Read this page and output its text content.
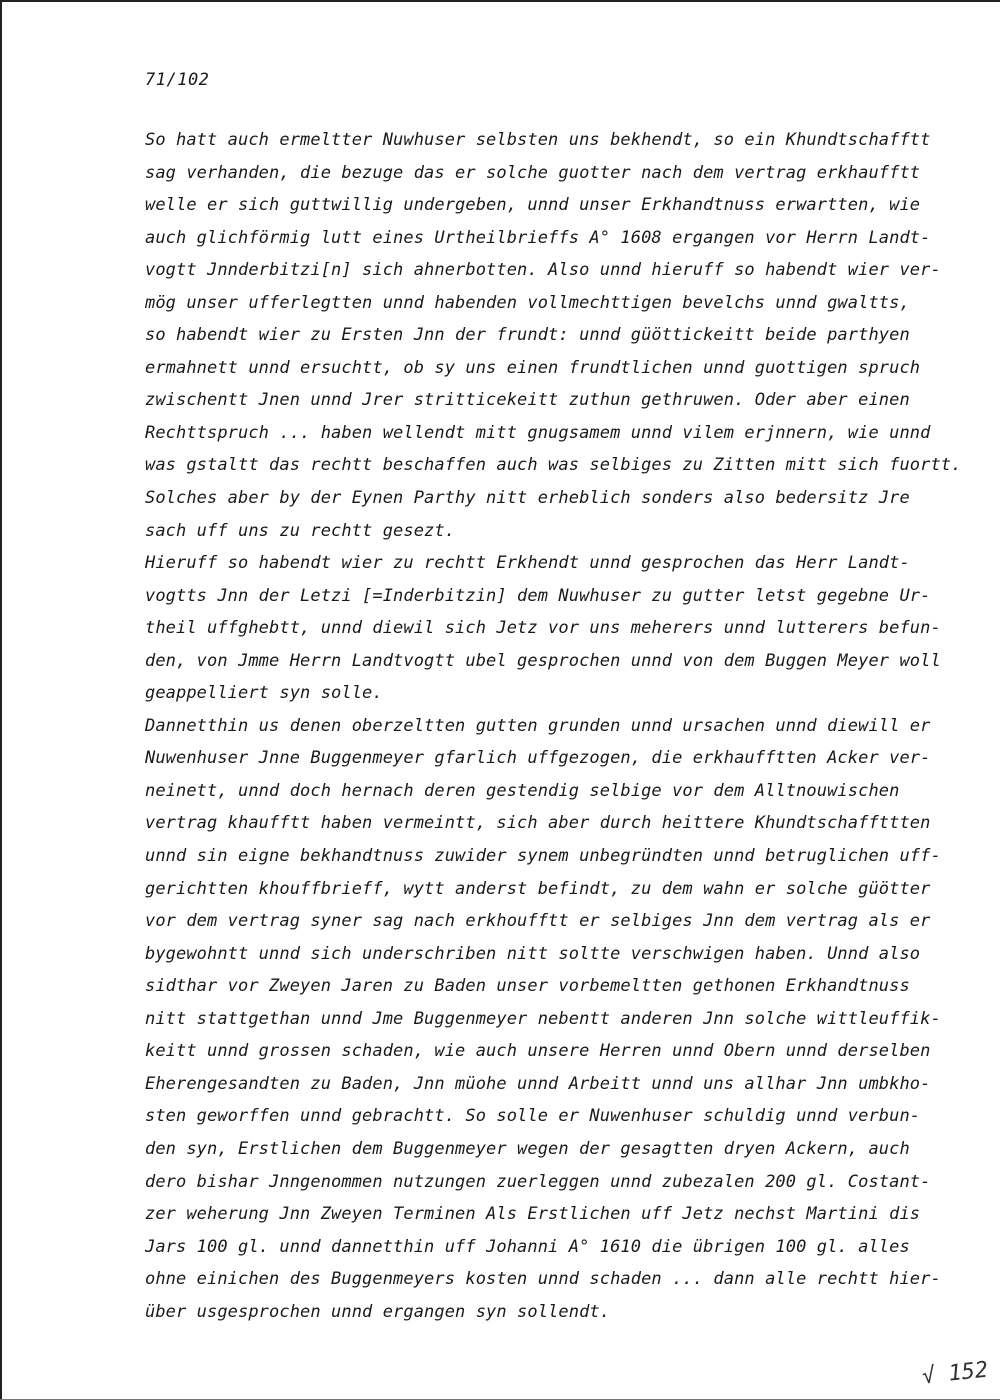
71/102
So hatt auch ermeltter Nuwhuser selbsten uns bekhendt, so ein Khundtschafftt
sag verhanden, die bezuge das er solche guotter nach dem vertrag erkhaufftt
welle er sich guttwillig undergeben, unnd unser Erkhandtnuss erwartten, wie
auch glichförmig lutt eines Urtheilbrieffs A° 1608 ergangen vor Herrn Landt-
vogtt Jnnderbitzi[n] sich ahnerbotten. Also unnd hieruff so habendt wier ver-
mög unser ufferlegtten unnd habenden vollmechttigen bevelchs unnd gwaltts,
so habendt wier zu Ersten Jnn der frundt: unnd güöttickeitt beide parthyen
ermahnett unnd ersuchtt, ob sy uns einen frundtlichen unnd guottigen spruch
zwischentt Jnen unnd Jrer stritticekeitt zuthun gethruwen. Oder aber einen
Rechttspruch ... haben wellendt mitt gnugsamem unnd vilem erjnnern, wie unnd
was gstaltt das rechtt beschaffen auch was selbiges zu Zitten mitt sich fuortt.
Solches aber by der Eynen Parthy nitt erheblich sonders also bedersitz Jre
sach uff uns zu rechtt gesezt.
Hieruff so habendt wier zu rechtt Erkhendt unnd gesprochen das Herr Landt-
vogtts Jnn der Letzi [=Inderbitzin] dem Nuwhuser zu gutter letst gegebne Ur-
theil uffghebtt, unnd diewil sich Jetz vor uns meherers unnd lutterers befun-
den, von Jmme Herrn Landtvogtt ubel gesprochen unnd von dem Buggen Meyer woll
geappelliert syn solle.
Dannetthin us denen oberzeltten gutten grunden unnd ursachen unnd diewill er
Nuwenhuser Jnne Buggenmeyer gfarlich uffgezogen, die erkhaufftten Acker ver-
neinett, unnd doch hernach deren gestendig selbige vor dem Alltnouwischen
vertrag khaufftt haben vermeintt, sich aber durch heittere Khundtschaffttten
unnd sin eigne bekhandtnuss zuwider synem unbegründten unnd betruglichen uff-
gerichtten khouffbrieff, wytt anderst befindt, zu dem wahn er solche güötter
vor dem vertrag syner sag nach erkhoufftt er selbiges Jnn dem vertrag als er
bygewohntt unnd sich underschriben nitt soltte verschwigen haben. Unnd also
sidthar vor Zweyen Jaren zu Baden unser vorbemeltten gethonen Erkhandtnuss
nitt stattgethan unnd Jme Buggenmeyer nebentt anderen Jnn solche wittleuffik-
keitt unnd grossen schaden, wie auch unsere Herren unnd Obern unnd derselben
Eherengesandten zu Baden, Jnn müohe unnd Arbeitt unnd uns allhar Jnn umbkho-
sten geworffen unnd gebrachtt. So solle er Nuwenhuser schuldig unnd verbun-
den syn, Erstlichen dem Buggenmeyer wegen der gesagtten dryen Ackern, auch
dero bishar Jnngenommen nutzungen zuerleggen unnd zubezalen 200 gl. Costant-
zer weherung Jnn Zweyen Terminen Als Erstlichen uff Jetz nechst Martini dis
Jars 100 gl. unnd dannetthin uff Johanni A° 1610 die übrigen 100 gl. alles
ohne einichen des Buggenmeyers kosten unnd schaden ... dann alle rechtt hier-
über usgesprochen unnd ergangen syn sollendt.
√ 152
